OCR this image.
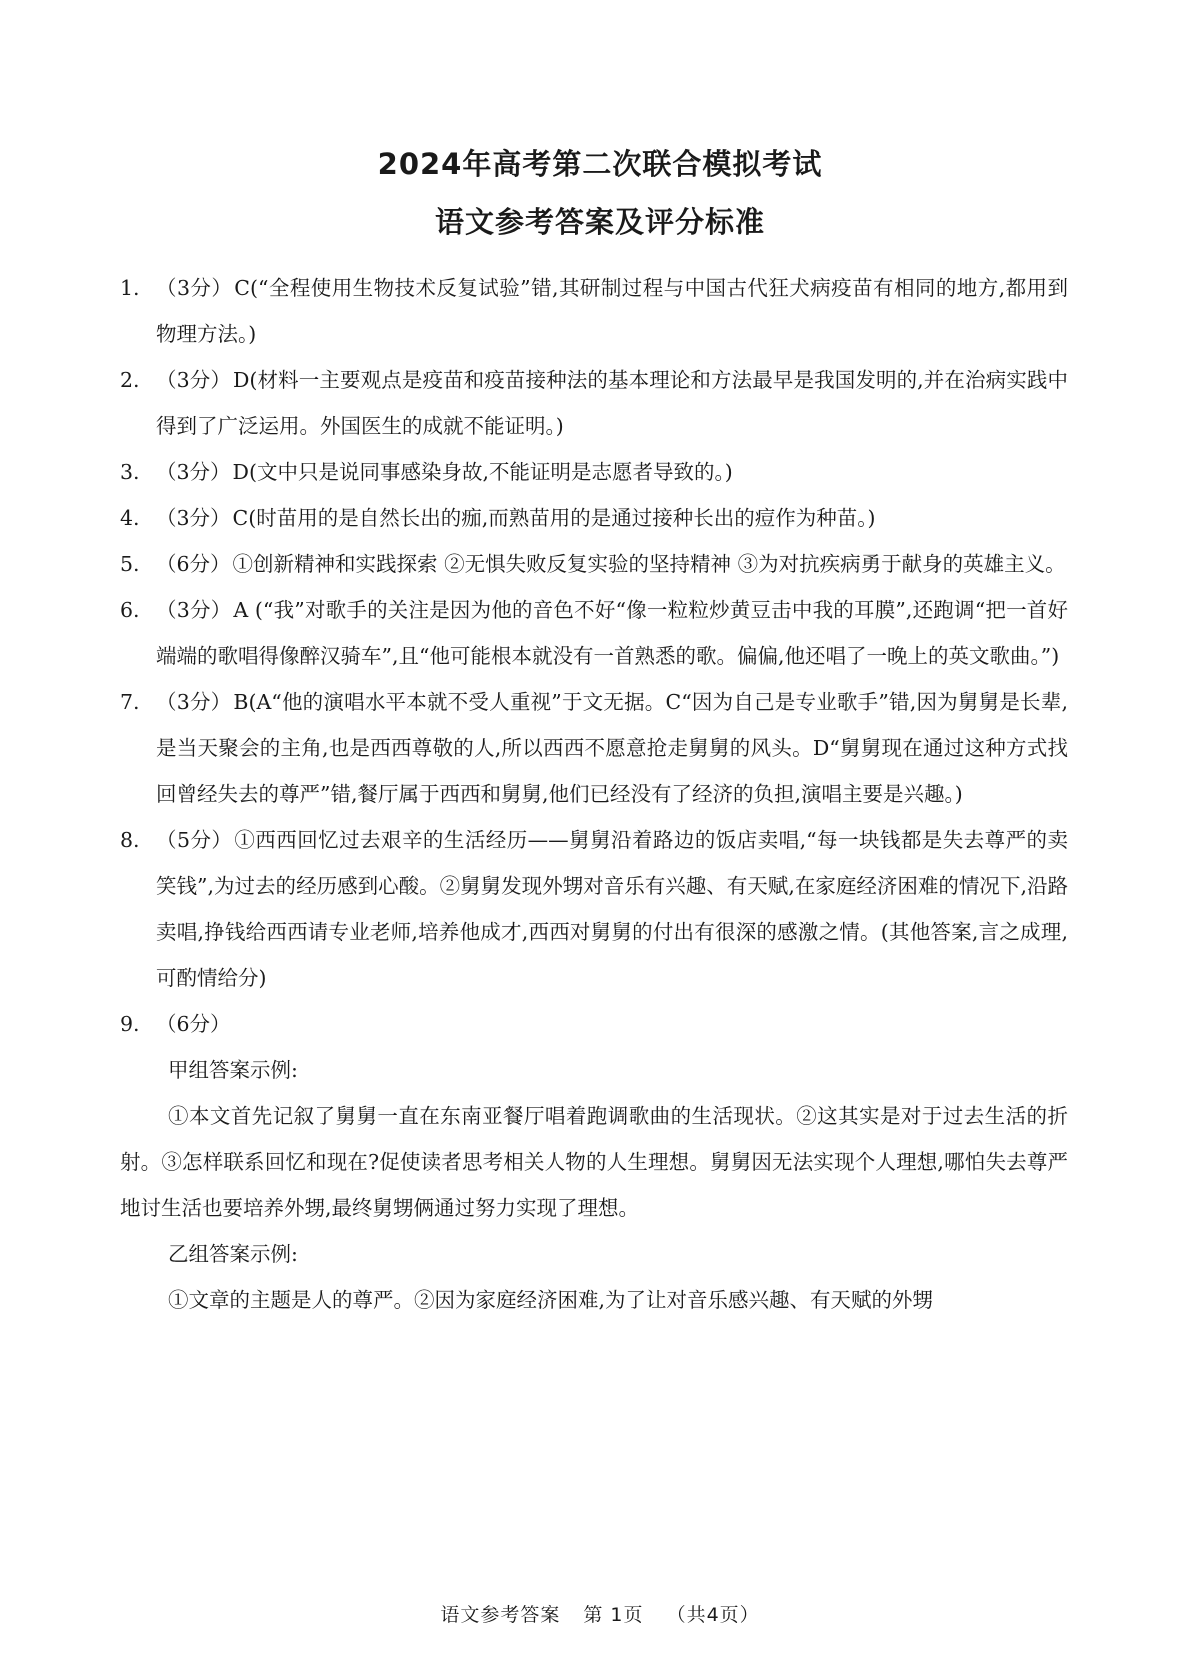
2024年高考第二次联合模拟考试
语文参考答案及评分标准
1. （3分）C(“全程使用生物技术反复试验”错,其研制过程与中国古代狂犬病疫苗有相同的地方,都用到物理方法。)
2. （3分）D(材料一主要观点是疫苗和疫苗接种法的基本理论和方法最早是我国发明的,并在治病实践中得到了广泛运用。外国医生的成就不能证明。)
3. （3分）D(文中只是说同事感染身故,不能证明是志愿者导致的。)
4. （3分）C(时苗用的是自然长出的痂,而熟苗用的是通过接种长出的痘作为种苗。)
5. （6分）①创新精神和实践探索 ②无惧失败反复实验的坚持精神 ③为对抗疾病勇于献身的英雄主义。
6. （3分）A (“我”对歌手的关注是因为他的音色不好“像一粒粒炒黄豆击中我的耳膜”,还跑调“把一首好端端的歌唱得像醉汉骑车”,且“他可能根本就没有一首熟悉的歌。偏偏,他还唱了一晚上的英文歌曲。”)
7. （3分）B(A“他的演唱水平本就不受人重视”于文无据。C“因为自己是专业歌手”错,因为舅舅是长辈,是当天聚会的主角,也是西西尊敬的人,所以西西不愿意抢走舅舅的风头。D“舅舅现在通过这种方式找回曾经失去的尊严”错,餐厅属于西西和舅舅,他们已经没有了经济的负担,演唱主要是兴趣。)
8. （5分）①西西回忆过去艰辛的生活经历——舅舅沿着路边的饭店卖唱,“每一块钱都是失去尊严的卖笑钱”,为过去的经历感到心酸。②舅舅发现外甥对音乐有兴趣、有天赋,在家庭经济困难的情况下,沿路卖唱,挣钱给西西请专业老师,培养他成才,西西对舅舅的付出有很深的感激之情。(其他答案,言之成理,可酌情给分)
9. （6分）
甲组答案示例:

①本文首先记叙了舅舅一直在东南亚餐厅唱着跑调歌曲的生活现状。②这其实是对于过去生活的折射。③怎样联系回忆和现在?促使读者思考相关人物的人生理想。舅舅因无法实现个人理想,哪怕失去尊严地讨生活也要培养外甥,最终舅甥俩通过努力实现了理想。

乙组答案示例:

①文章的主题是人的尊严。②因为家庭经济困难,为了让对音乐感兴趣、有天赋的外甥

语文参考答案 第 1页 （共4页）
